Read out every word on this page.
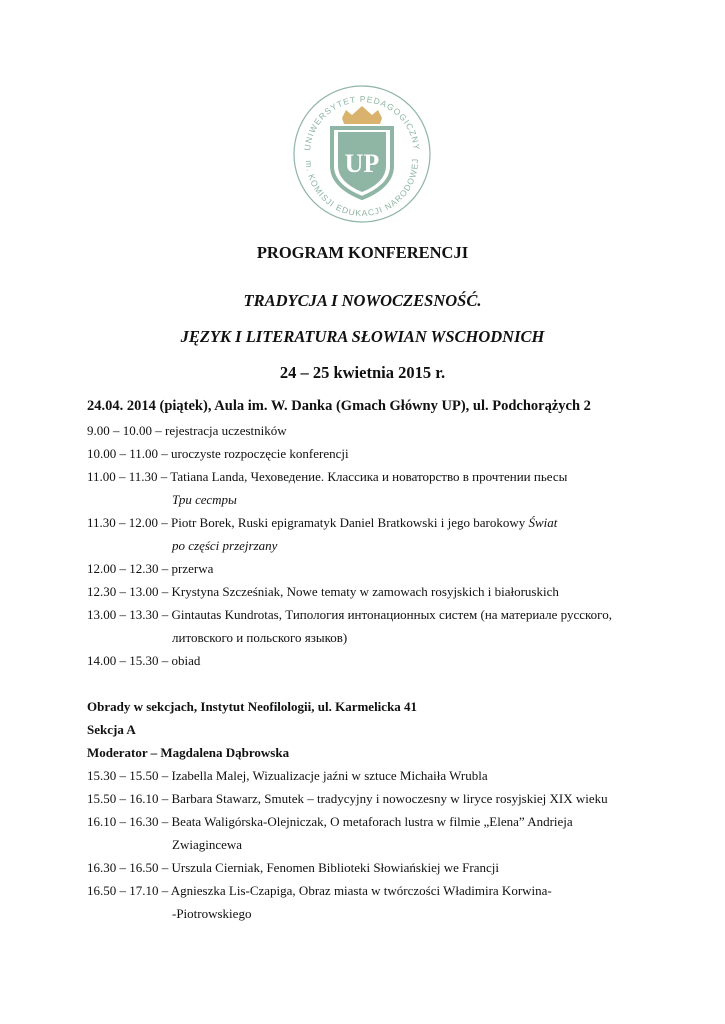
UNIWERSYTET PEDAGOGICZNY
m. KOMISJI EDUKACJI NARODOWEJ
UP
PROGRAM KONFERENCJI
TRADYCJA I NOWOCZESNOŚĆ.
JĘZYK I LITERATURA SŁOWIAN WSCHODNICH
24 – 25 kwietnia 2015 r.
24.04. 2014 (piątek), Aula im. W. Danka (Gmach Główny UP), ul. Podchorążych 2
9.00 – 10.00 – rejestracja uczestników
10.00 – 11.00 – uroczyste rozpoczęcie konferencji
11.00 – 11.30 – Tatiana Landa, Чеховедение. Классика и новаторство в прочтении пьесы
Три сестры
11.30 – 12.00 – Piotr Borek, Ruski epigramatyk Daniel Bratkowski i jego barokowy Świat
po części przejrzany
12.00 – 12.30 – przerwa
12.30 – 13.00 – Krystyna Szcześniak, Nowe tematy w zamowach rosyjskich i białoruskich
13.00 – 13.30 – Gintautas Kundrotas, Типология интонационных систем (на материале русского,
литовского и польского языков)
14.00 – 15.30 – obiad
Obrady w sekcjach, Instytut Neofilologii, ul. Karmelicka 41
Sekcja A
Moderator – Magdalena Dąbrowska
15.30 – 15.50 – Izabella Malej, Wizualizacje jaźni w sztuce Michaiła Wrubla
15.50 – 16.10 – Barbara Stawarz, Smutek – tradycyjny i nowoczesny w liryce rosyjskiej XIX wieku
16.10 – 16.30 – Beata Waligórska-Olejniczak, O metaforach lustra w filmie „Elena” Andrieja
Zwiagincewa
16.30 – 16.50 – Urszula Cierniak, Fenomen Biblioteki Słowiańskiej we Francji
16.50 – 17.10 – Agnieszka Lis-Czapiga, Obraz miasta w twórczości Władimira Korwina-
-Piotrowskiego
